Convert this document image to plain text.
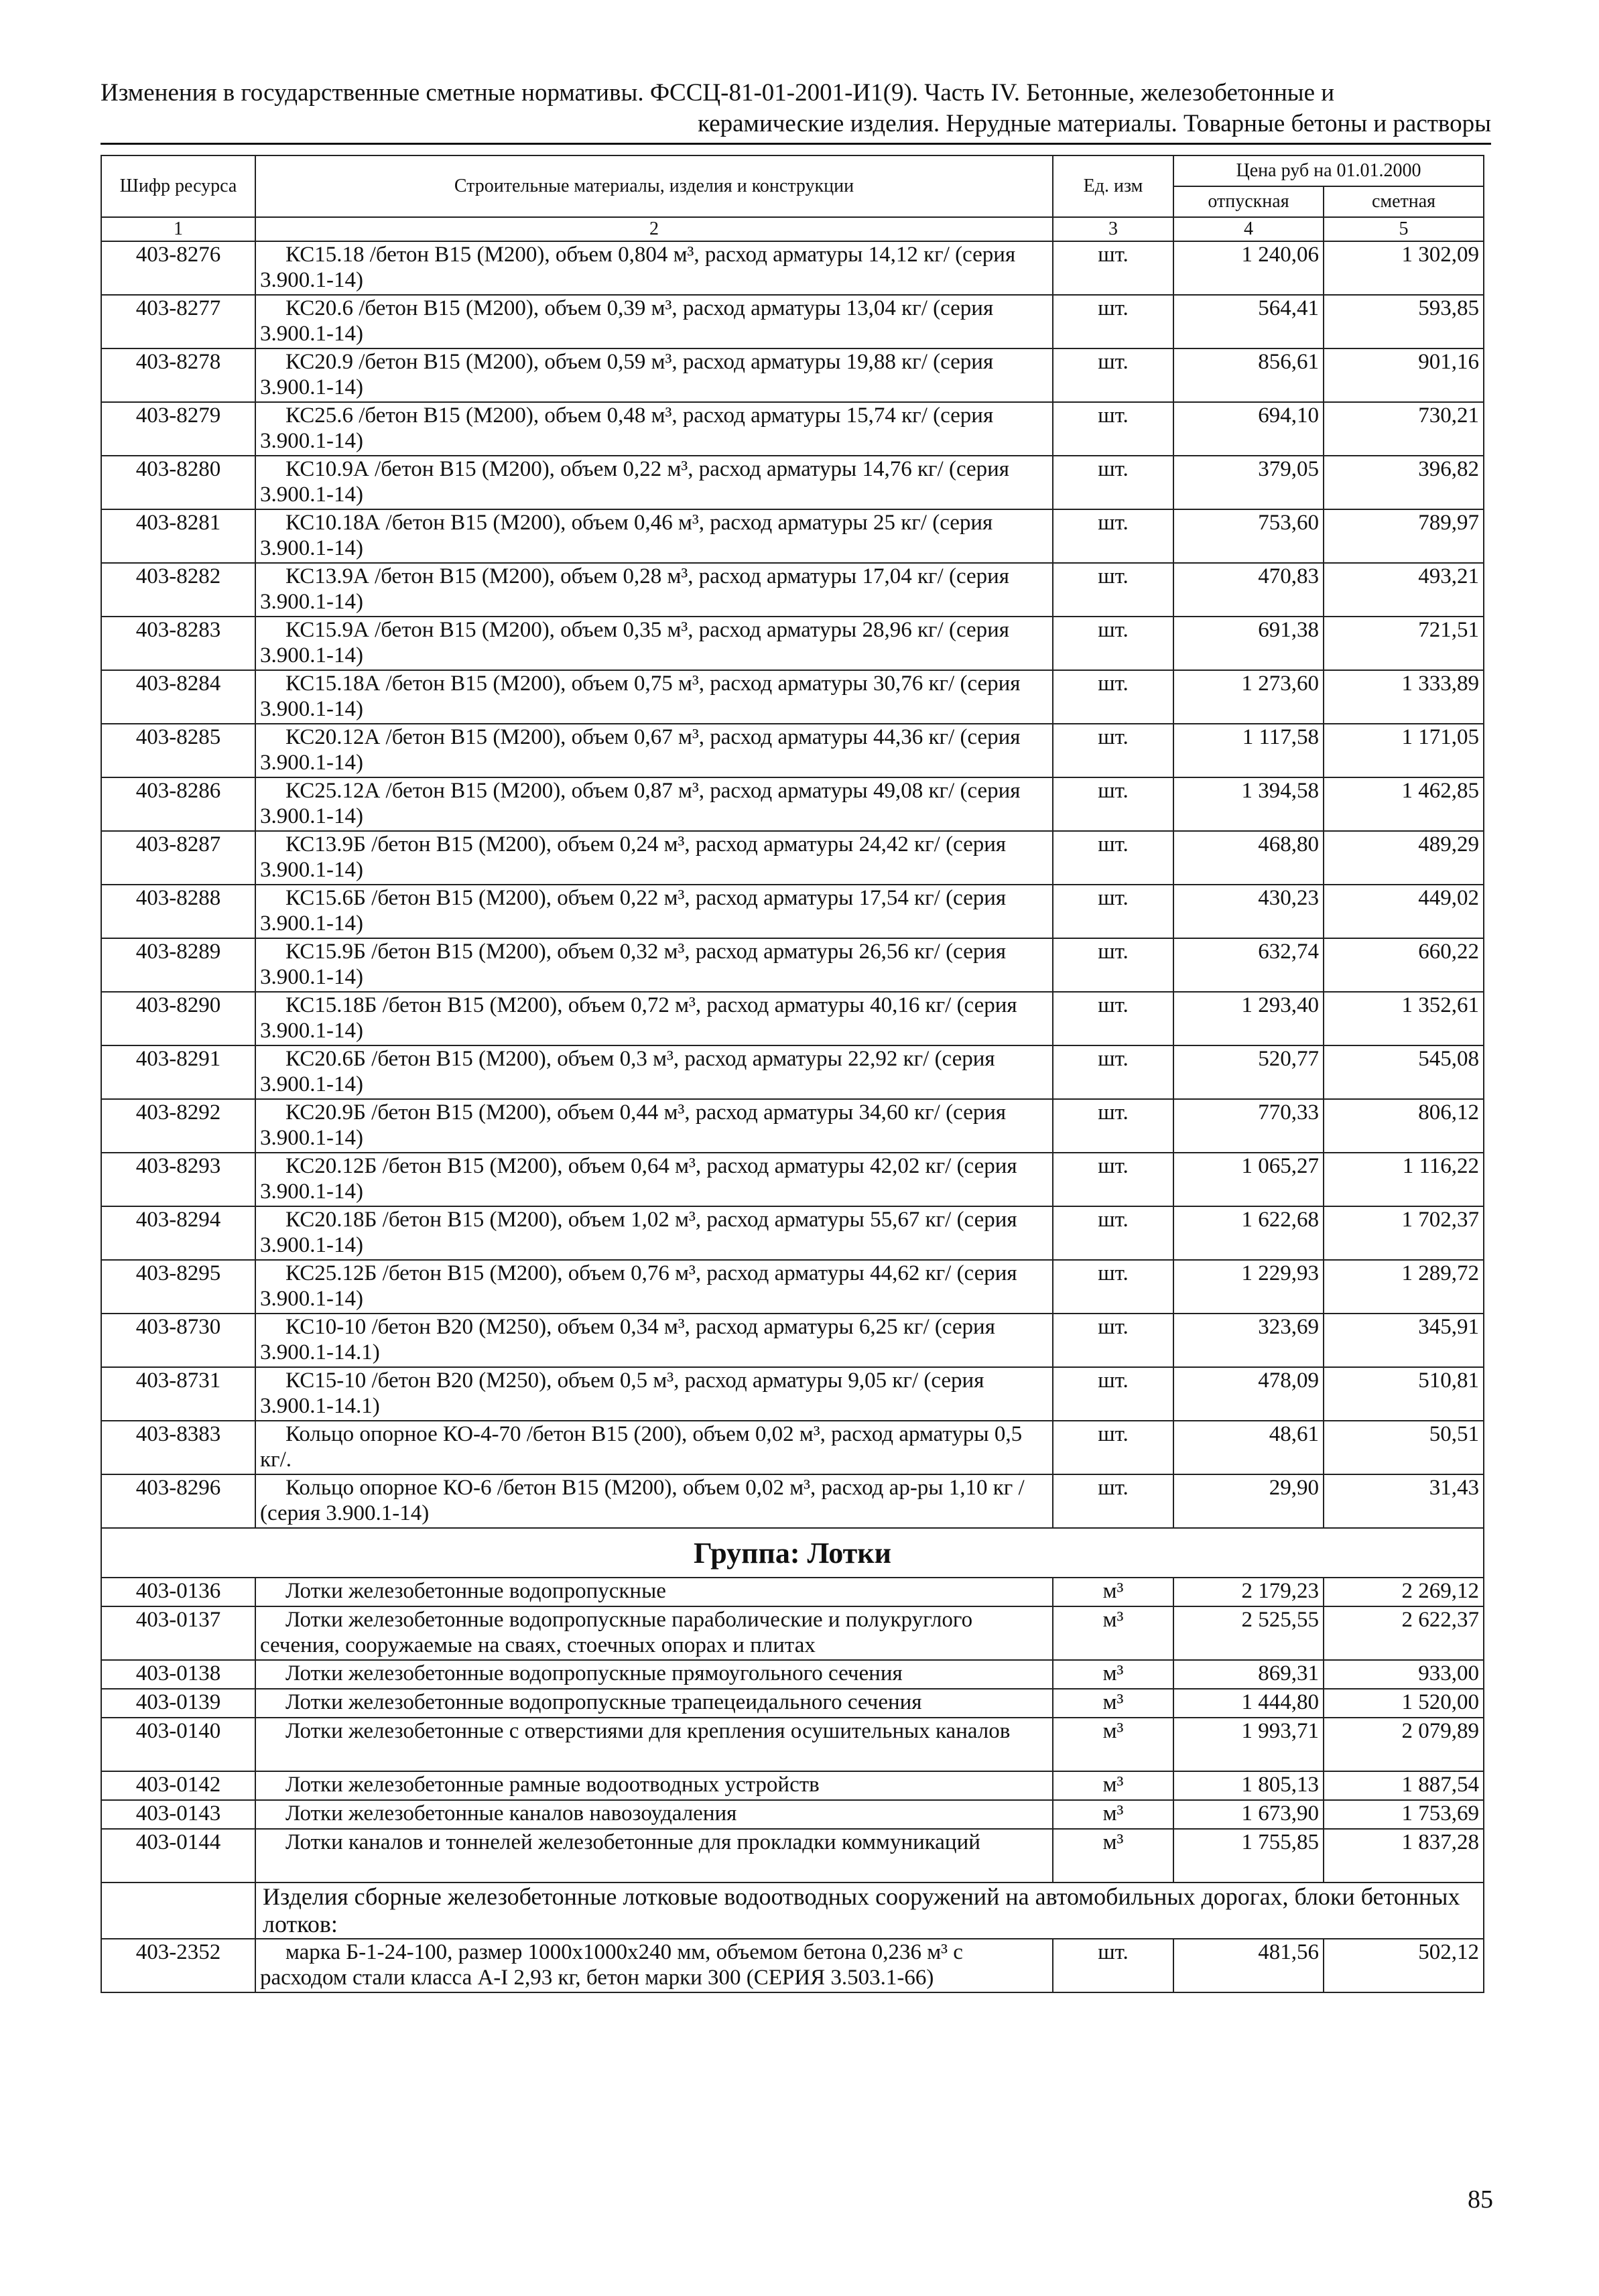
Изменения в государственные сметные нормативы. ФССЦ-81-01-2001-И1(9). Часть IV. Бетонные, железобетонные и
керамические изделия. Нерудные материалы. Товарные бетоны и растворы
Шифр ресурса	Строительные материалы, изделия и конструкции	Ед. изм	Цена руб на 01.01.2000	
			отпускная	сметная
1	2	3	4	5
403-8276	КС15.18 /бетон В15 (М200), объем 0,804 м³, расход арматуры 14,12 кг/ (серия 3.900.1-14)	шт.	1 240,06	1 302,09
403-8277	КС20.6 /бетон В15 (М200), объем 0,39 м³, расход арматуры 13,04 кг/ (серия 3.900.1-14)	шт.	564,41	593,85
403-8278	КС20.9 /бетон В15 (М200), объем 0,59 м³, расход арматуры 19,88 кг/ (серия 3.900.1-14)	шт.	856,61	901,16
403-8279	КС25.6 /бетон В15 (М200), объем 0,48 м³, расход арматуры 15,74 кг/ (серия 3.900.1-14)	шт.	694,10	730,21
403-8280	КС10.9А /бетон В15 (М200), объем 0,22 м³, расход арматуры 14,76 кг/ (серия 3.900.1-14)	шт.	379,05	396,82
403-8281	КС10.18А /бетон В15 (М200), объем 0,46 м³, расход арматуры 25 кг/ (серия 3.900.1-14)	шт.	753,60	789,97
403-8282	КС13.9А /бетон В15 (М200), объем 0,28 м³, расход арматуры 17,04 кг/ (серия 3.900.1-14)	шт.	470,83	493,21
403-8283	КС15.9А /бетон В15 (М200), объем 0,35 м³, расход арматуры 28,96 кг/ (серия 3.900.1-14)	шт.	691,38	721,51
403-8284	КС15.18А /бетон В15 (М200), объем 0,75 м³, расход арматуры 30,76 кг/ (серия 3.900.1-14)	шт.	1 273,60	1 333,89
403-8285	КС20.12А /бетон В15 (М200), объем 0,67 м³, расход арматуры 44,36 кг/ (серия 3.900.1-14)	шт.	1 117,58	1 171,05
403-8286	КС25.12А /бетон В15 (М200), объем 0,87 м³, расход арматуры 49,08 кг/ (серия 3.900.1-14)	шт.	1 394,58	1 462,85
403-8287	КС13.9Б /бетон В15 (М200), объем 0,24 м³, расход арматуры 24,42 кг/ (серия 3.900.1-14)	шт.	468,80	489,29
403-8288	КС15.6Б /бетон В15 (М200), объем 0,22 м³, расход арматуры 17,54 кг/ (серия 3.900.1-14)	шт.	430,23	449,02
403-8289	КС15.9Б /бетон В15 (М200), объем 0,32 м³, расход арматуры 26,56 кг/ (серия 3.900.1-14)	шт.	632,74	660,22
403-8290	КС15.18Б /бетон В15 (М200), объем 0,72 м³, расход арматуры 40,16 кг/ (серия 3.900.1-14)	шт.	1 293,40	1 352,61
403-8291	КС20.6Б /бетон В15 (М200), объем 0,3 м³, расход арматуры 22,92 кг/ (серия 3.900.1-14)	шт.	520,77	545,08
403-8292	КС20.9Б /бетон В15 (М200), объем 0,44 м³, расход арматуры 34,60 кг/ (серия 3.900.1-14)	шт.	770,33	806,12
403-8293	КС20.12Б /бетон В15 (М200), объем 0,64 м³, расход арматуры 42,02 кг/ (серия 3.900.1-14)	шт.	1 065,27	1 116,22
403-8294	КС20.18Б /бетон В15 (М200), объем 1,02 м³, расход арматуры 55,67 кг/ (серия 3.900.1-14)	шт.	1 622,68	1 702,37
403-8295	КС25.12Б /бетон В15 (М200), объем 0,76 м³, расход арматуры 44,62 кг/ (серия 3.900.1-14)	шт.	1 229,93	1 289,72
403-8730	КС10-10 /бетон В20 (М250), объем 0,34 м³, расход арматуры 6,25 кг/ (серия 3.900.1-14.1)	шт.	323,69	345,91
403-8731	КС15-10 /бетон В20 (М250), объем 0,5 м³, расход арматуры 9,05 кг/ (серия 3.900.1-14.1)	шт.	478,09	510,81
403-8383	Кольцо опорное КО-4-70 /бетон В15 (200), объем 0,02 м³, расход арматуры 0,5 кг/.	шт.	48,61	50,51
403-8296	Кольцо опорное КО-6 /бетон В15 (М200), объем 0,02 м³, расход ар-ры 1,10 кг / (серия 3.900.1-14)	шт.	29,90	31,43
Группа: Лотки				
403-0136	Лотки железобетонные водопропускные	м³	2 179,23	2 269,12
403-0137	Лотки железобетонные водопропускные параболические и полукруглого сечения, сооружаемые на сваях, стоечных опорах и плитах	м³	2 525,55	2 622,37
403-0138	Лотки железобетонные водопропускные прямоугольного сечения	м³	869,31	933,00
403-0139	Лотки железобетонные водопропускные трапецеидального сечения	м³	1 444,80	1 520,00
403-0140	Лотки железобетонные с отверстиями для крепления осушительных каналов	м³	1 993,71	2 079,89
403-0142	Лотки железобетонные рамные водоотводных устройств	м³	1 805,13	1 887,54
403-0143	Лотки железобетонные каналов навозоудаления	м³	1 673,90	1 753,69
403-0144	Лотки каналов и тоннелей железобетонные для прокладки коммуникаций	м³	1 755,85	1 837,28
	Изделия сборные железобетонные лотковые водоотводных сооружений на автомобильных дорогах, блоки бетонных лотков:			
403-2352	марка Б-1-24-100, размер 1000х1000х240 мм, объемом бетона 0,236 м³ с расходом стали класса А-I 2,93 кг, бетон марки 300 (СЕРИЯ 3.503.1-66)	шт.	481,56	502,12
85
